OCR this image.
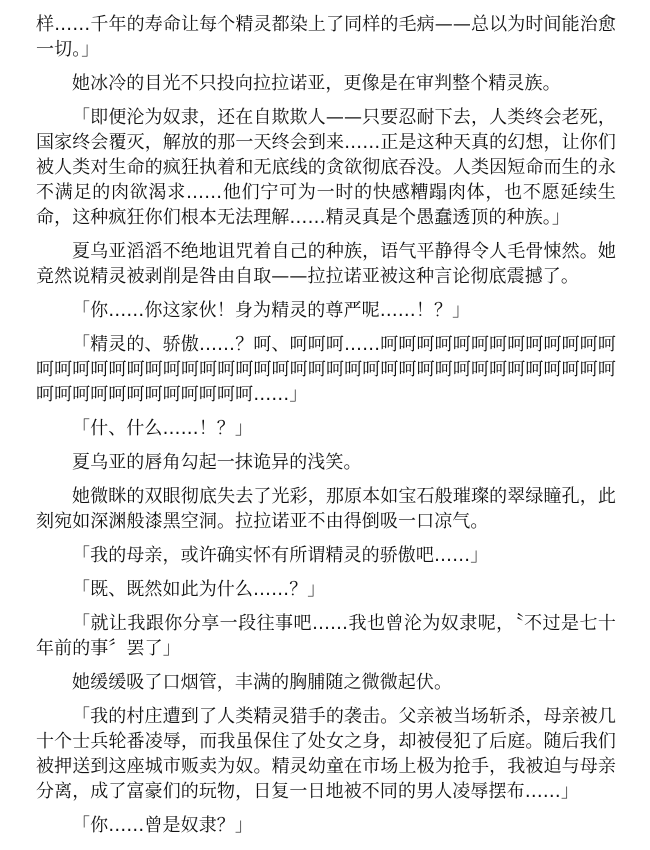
样……千年的寿命让每个精灵都染上了同样的毛病——总以为时间能治愈一切。」

她冰冷的目光不只投向拉拉诺亚，更像是在审判整个精灵族。

「即便沦为奴隶，还在自欺欺人——只要忍耐下去，人类终会老死，国家终会覆灭，解放的那一天终会到来……正是这种天真的幻想，让你们被人类对生命的疯狂执着和无底线的贪欲彻底吞没。人类因短命而生的永不满足的肉欲渴求……他们宁可为一时的快感糟蹋肉体，也不愿延续生命，这种疯狂你们根本无法理解……精灵真是个愚蠢透顶的种族。」

夏乌亚滔滔不绝地诅咒着自己的种族，语气平静得令人毛骨悚然。她竟然说精灵被剥削是咎由自取——拉拉诺亚被这种言论彻底震撼了。

「你……你这家伙！身为精灵的尊严呢……！？」

「精灵的、骄傲……？呵、呵呵呵……呵呵呵呵呵呵呵呵呵呵呵呵呵呵呵呵呵呵呵呵呵呵呵呵呵呵呵呵呵呵呵呵呵呵呵呵呵呵呵呵呵呵呵呵呵呵呵呵呵呵呵呵呵呵呵呵呵……」

「什、什么……！？」

夏乌亚的唇角勾起一抹诡异的浅笑。

她微眯的双眼彻底失去了光彩，那原本如宝石般璀璨的翠绿瞳孔，此刻宛如深渊般漆黑空洞。拉拉诺亚不由得倒吸一口凉气。

「我的母亲，或许确实怀有所谓精灵的骄傲吧……」

「既、既然如此为什么……？」

「就让我跟你分享一段往事吧……我也曾沦为奴隶呢，〝不过是七十年前的事〞罢了」

她缓缓吸了口烟管，丰满的胸脯随之微微起伏。

「我的村庄遭到了人类精灵猎手的袭击。父亲被当场斩杀，母亲被几十个士兵轮番凌辱，而我虽保住了处女之身，却被侵犯了后庭。随后我们被押送到这座城市贩卖为奴。精灵幼童在市场上极为抢手，我被迫与母亲分离，成了富豪们的玩物，日复一日地被不同的男人凌辱摆布……」

「你……曾是奴隶？」
